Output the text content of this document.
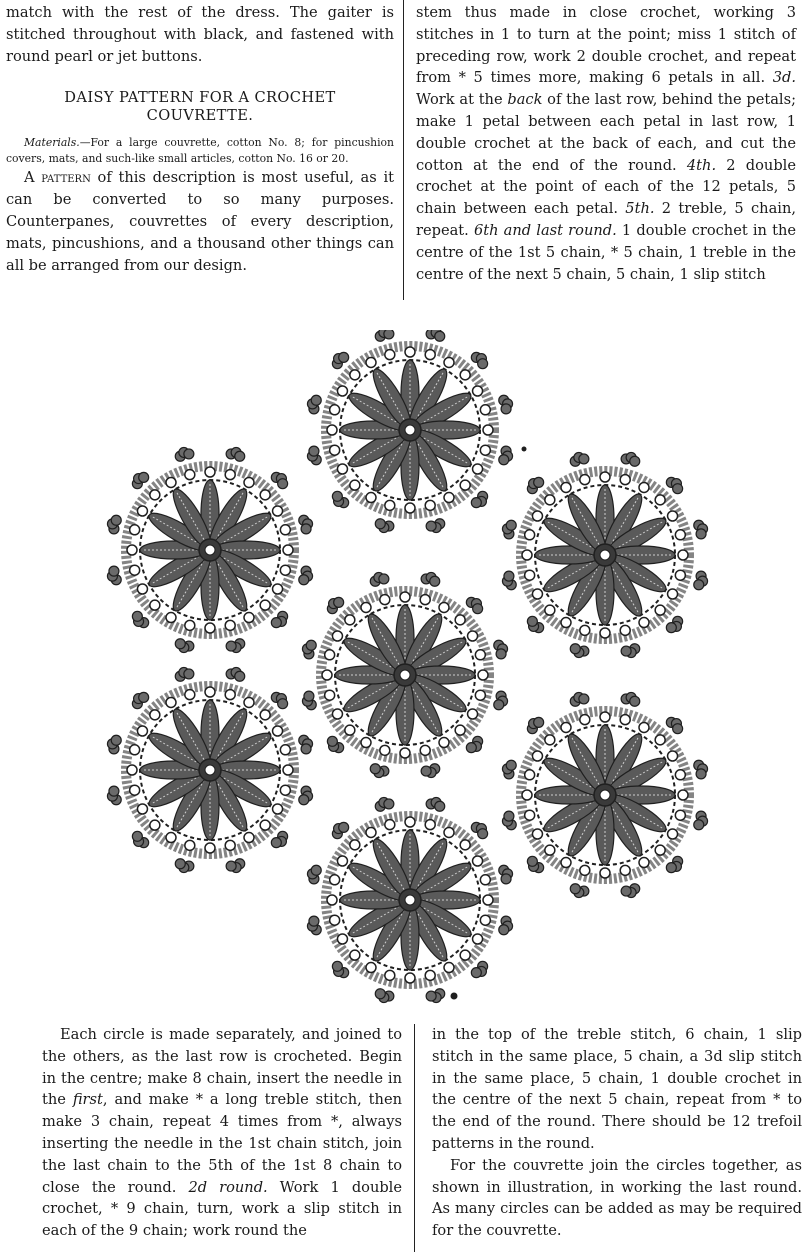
match with the rest of the dress. The gaiter is stitched throughout with black, and fastened with round pearl or jet buttons.

DAISY PATTERN FOR A CROCHET
COUVRETTE.

Materials.—For a large couvrette, cotton No. 8; for pincushion covers, mats, and such-like small articles, cotton No. 16 or 20.

A pattern of this description is most useful, as it can be converted to so many purposes. Counterpanes, couvrettes of every description, mats, pincushions, and a thousand other things can all be arranged from our design.

stem thus made in close crochet, working 3 stitches in 1 to turn at the point; miss 1 stitch of preceding row, work 2 double crochet, and repeat from * 5 times more, making 6 petals in all. 3d. Work at the back of the last row, behind the petals; make 1 petal between each petal in last row, 1 double crochet at the back of each, and cut the cotton at the end of the round. 4th. 2 double crochet at the point of each of the 12 petals, 5 chain between each petal. 5th. 2 treble, 5 chain, repeat. 6th and last round. 1 double crochet in the centre of the 1st 5 chain, * 5 chain, 1 treble in the centre of the next 5 chain, 5 chain, 1 slip stitch

Each circle is made separately, and joined to the others, as the last row is crocheted. Begin in the centre; make 8 chain, insert the needle in the first, and make * a long treble stitch, then make 3 chain, repeat 4 times from *, always inserting the needle in the 1st chain stitch, join the last chain to the 5th of the 1st 8 chain to close the round. 2d round. Work 1 double crochet, * 9 chain, turn, work a slip stitch in each of the 9 chain; work round the

in the top of the treble stitch, 6 chain, 1 slip stitch in the same place, 5 chain, a 3d slip stitch in the same place, 5 chain, 1 double crochet in the centre of the next 5 chain, repeat from * to the end of the round. There should be 12 trefoil patterns in the round.

For the couvrette join the circles together, as shown in illustration, in working the last round. As many circles can be added as may be required for the couvrette.
